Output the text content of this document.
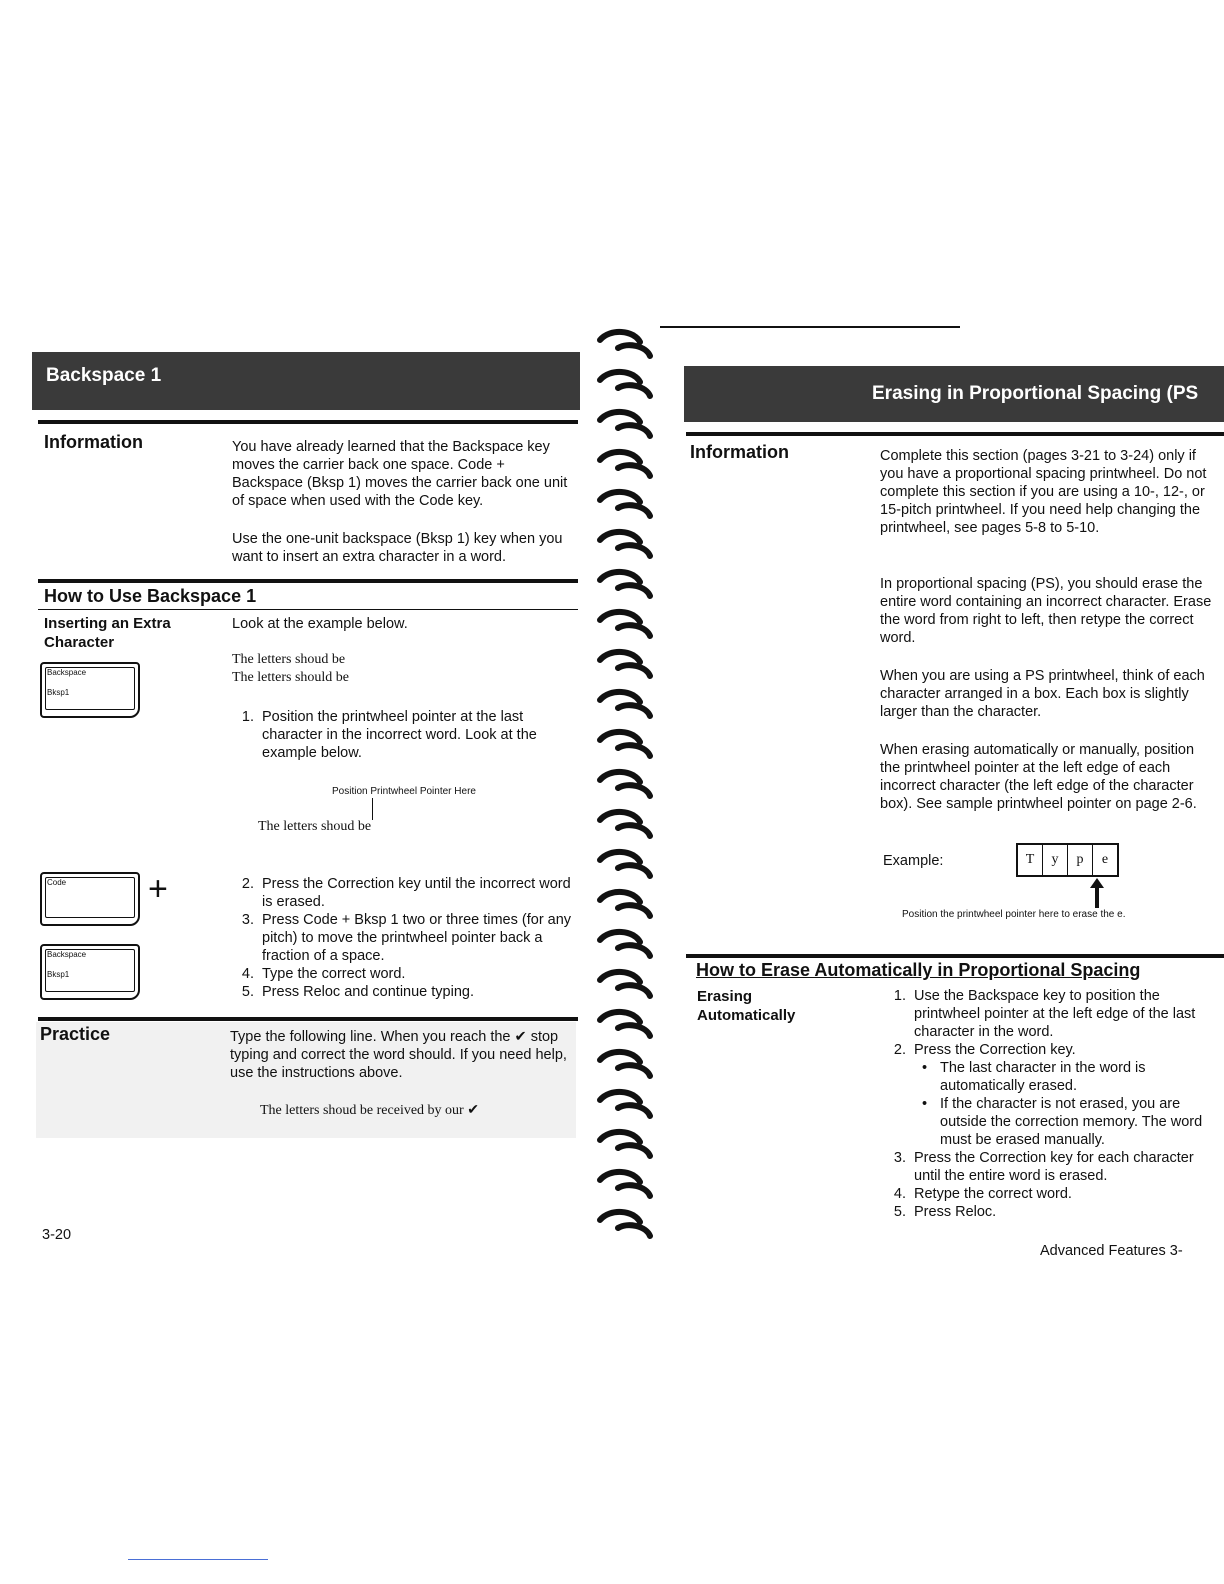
Backspace 1
Information	You have already learned that the Backspace key moves the carrier back one space. Code + Backspace (Bksp 1) moves the carrier back one unit of space when used with the Code key.
Use the one-unit backspace (Bksp 1) key when you want to insert an extra character in a word.
How to Use Backspace 1
Inserting an Extra Character
Look at the example below.
The letters shoud be
The letters should be
Backspace
Bksp1
1. Position the printwheel pointer at the last character in the incorrect word. Look at the example below.
Position Printwheel Pointer Here
The letters shoud be
Code +
Backspace
Bksp1
2. Press the Correction key until the incorrect word is erased.
3. Press Code + Bksp 1 two or three times (for any pitch) to move the printwheel pointer back a fraction of a space.
4. Type the correct word.
5. Press Reloc and continue typing.
Practice	Type the following line. When you reach the ✔ stop typing and correct the word should. If you need help, use the instructions above.
The letters shoud be received by our ✔
3-20
Erasing in Proportional Spacing (PS
Information	Complete this section (pages 3-21 to 3-24) only if you have a proportional spacing printwheel. Do not complete this section if you are using a 10-, 12-, or 15-pitch printwheel. If you need help changing the printwheel, see pages 5-8 to 5-10.
In proportional spacing (PS), you should erase the entire word containing an incorrect character. Erase the word from right to left, then retype the correct word.
When you are using a PS printwheel, think of each character arranged in a box. Each box is slightly larger than the character.
When erasing automatically or manually, position the printwheel pointer at the left edge of each incorrect character (the left edge of the character box). See sample printwheel pointer on page 2-6.
Example:	T	y	p	e
Position the printwheel pointer here to erase the e.
How to Erase Automatically in Proportional Spacing
Erasing Automatically
1. Use the Backspace key to position the printwheel pointer at the left edge of the last character in the word.
2. Press the Correction key.
• The last character in the word is automatically erased.
• If the character is not erased, you are outside the correction memory. The word must be erased manually.
3. Press the Correction key for each character until the entire word is erased.
4. Retype the correct word.
5. Press Reloc.
Advanced Features 3-
